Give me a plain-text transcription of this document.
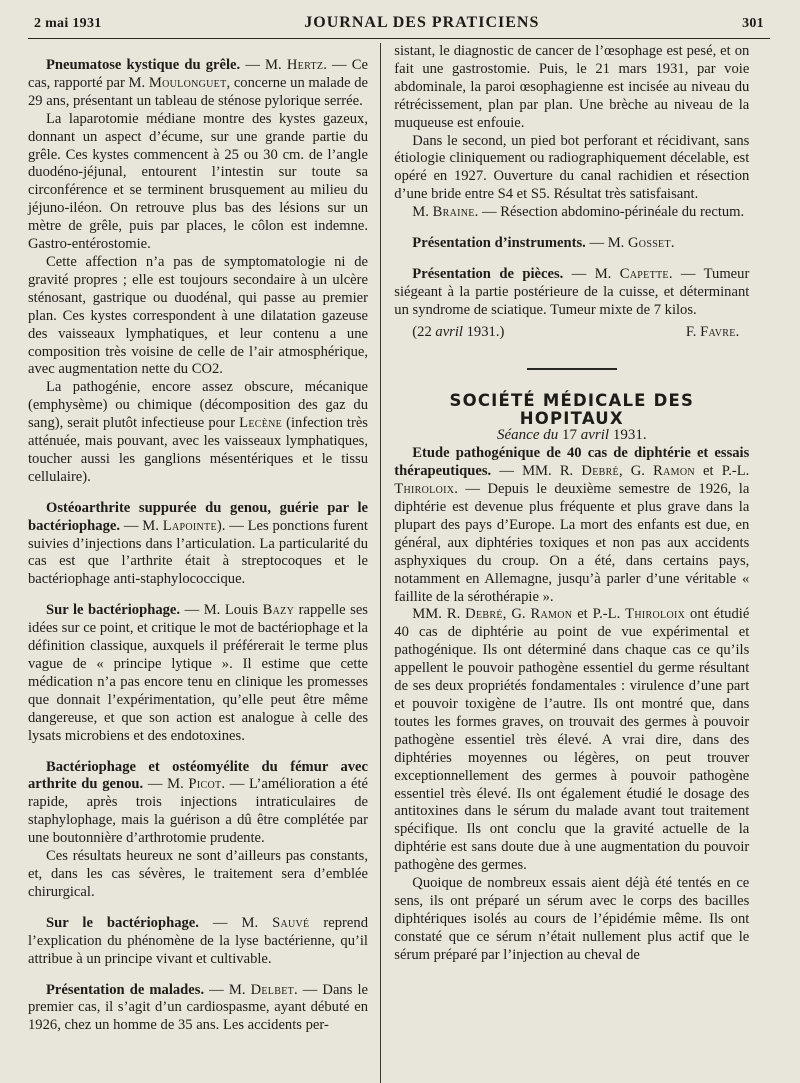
2 mai 1931	JOURNAL DES PRATICIENS	301

Pneumatose kystique du grêle. — M. Hertz. — Ce cas, rapporté par M. Moulonguet, concerne un malade de 29 ans, présentant un tableau de sténose pylorique serrée.

La laparotomie médiane montre des kystes gazeux, donnant un aspect d’écume, sur une grande partie du grêle. Ces kystes commencent à 25 ou 30 cm. de l’angle duodéno-jéjunal, entourent l’intestin sur toute sa circonférence et se terminent brusquement au milieu du jéjuno-iléon. On retrouve plus bas des lésions sur un mètre de grêle, puis par places, le côlon est indemne. Gastro-entérostomie.

Cette affection n’a pas de symptomatologie ni de gravité propres ; elle est toujours secondaire à un ulcère sténosant, gastrique ou duodénal, qui passe au premier plan. Ces kystes correspondent à une dilatation gazeuse des vaisseaux lymphatiques, et leur contenu a une composition très voisine de celle de l’air atmosphérique, avec augmentation nette du CO2.

La pathogénie, encore assez obscure, mécanique (emphysème) ou chimique (décomposition des gaz du sang), serait plutôt infectieuse pour Lecène (infection très atténuée, mais pouvant, avec les vaisseaux lymphatiques, toucher aussi les ganglions mésentériques et le tissu cellulaire).

Ostéoarthrite suppurée du genou, guérie par le bactériophage. — M. Lapointe). — Les ponctions furent suivies d’injections dans l’articulation. La particularité du cas est que l’arthrite était à streptocoques et le bactériophage anti-staphylococcique.

Sur le bactériophage. — M. Louis Bazy rappelle ses idées sur ce point, et critique le mot de bactériophage et la définition classique, auxquels il préférerait le terme plus vague de « principe lytique ». Il estime que cette médication n’a pas encore tenu en clinique les promesses que donnait l’expérimentation, qu’elle peut être même dangereuse, et que son action est analogue à celle des lysats microbiens et des endotoxines.

Bactériophage et ostéomyélite du fémur avec arthrite du genou. — M. Picot. — L’amélioration a été rapide, après trois injections intraticulaires de staphylophage, mais la guérison a dû être complétée par une boutonnière d’arthrotomie prudente.

Ces résultats heureux ne sont d’ailleurs pas constants, et, dans les cas sévères, le traitement sera d’emblée chirurgical.

Sur le bactériophage. — M. Sauvé reprend l’explication du phénomène de la lyse bactérienne, qu’il attribue à un principe vivant et cultivable.

Présentation de malades. — M. Delbet. — Dans le premier cas, il s’agit d’un cardiospasme, ayant débuté en 1926, chez un homme de 35 ans. Les accidents per-

sistant, le diagnostic de cancer de l’œsophage est pesé, et on fait une gastrostomie. Puis, le 21 mars 1931, par voie abdominale, la paroi œsophagienne est incisée au niveau du rétrécissement, plan par plan. Une brèche au niveau de la muqueuse est enfouie.

Dans le second, un pied bot perforant et récidivant, sans étiologie cliniquement ou radiographiquement décelable, est opéré en 1927. Ouverture du canal rachidien et résection d’une bride entre S4 et S5. Résultat très satisfaisant.

M. Braine. — Résection abdomino-périnéale du rectum.

Présentation d’instruments. — M. Gosset.

Présentation de pièces. — M. Capette. — Tumeur siégeant à la partie postérieure de la cuisse, et déterminant un syndrome de sciatique. Tumeur mixte de 7 kilos.

(22 avril 1931.)	F. Favre.

SOCIÉTÉ MÉDICALE DES HOPITAUX

Séance du 17 avril 1931.

Etude pathogénique de 40 cas de diphtérie et essais thérapeutiques. — MM. R. Debré, G. Ramon et P.-L. Thiroloix. — Depuis le deuxième semestre de 1926, la diphtérie est devenue plus fréquente et plus grave dans la plupart des pays d’Europe. La mort des enfants est due, en général, aux diphtéries toxiques et non pas aux accidents asphyxiques du croup. On a été, dans certains pays, notamment en Allemagne, jusqu’à parler d’une véritable « faillite de la sérothérapie ».

MM. R. Debré, G. Ramon et P.-L. Thiroloix ont étudié 40 cas de diphtérie au point de vue expérimental et pathogénique. Ils ont déterminé dans chaque cas ce qu’ils appellent le pouvoir pathogène essentiel du germe résultant de ses deux propriétés fondamentales : virulence d’une part et pouvoir toxigène de l’autre. Ils ont montré que, dans toutes les formes graves, on trouvait des germes à pouvoir pathogène essentiel très élevé. A vrai dire, dans des diphtéries moyennes ou légères, on peut trouver exceptionnellement des germes à pouvoir pathogène essentiel très élevé. Ils ont également étudié le dosage des antitoxines dans le sérum du malade avant tout traitement spécifique. Ils ont conclu que la gravité actuelle de la diphtérie est sans doute due à une augmentation du pouvoir pathogène des germes.

Quoique de nombreux essais aient déjà été tentés en ce sens, ils ont préparé un sérum avec le corps des bacilles diphtériques isolés au cours de l’épidémie même. Ils ont constaté que ce sérum n’était nullement plus actif que le sérum préparé par l’injection au cheval de
